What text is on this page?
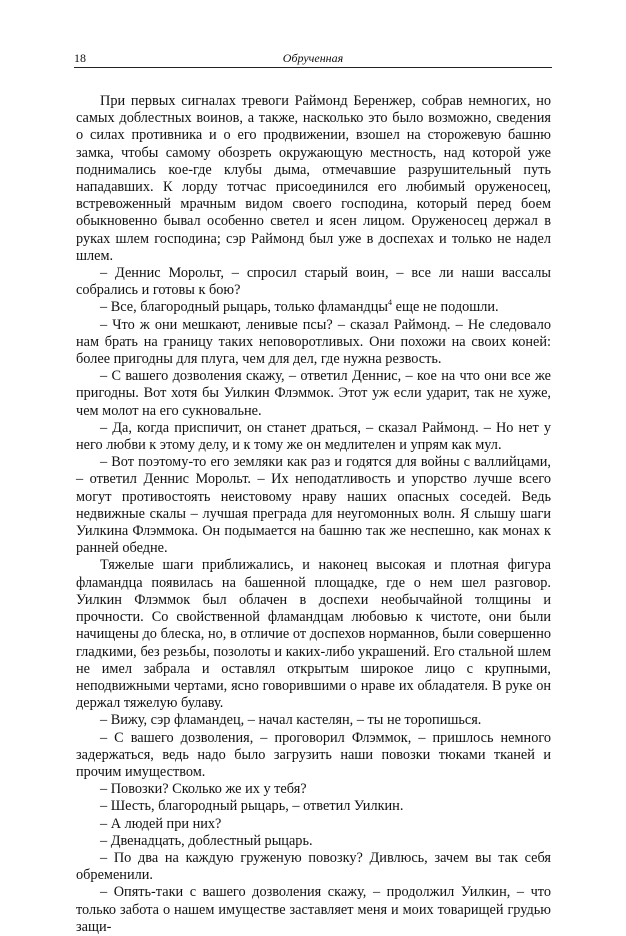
18	Обрученная

При первых сигналах тревоги Раймонд Беренжер, собрав немногих, но самых доблестных воинов, а также, насколько это было возможно, сведения о силах противника и о его продвижении, взошел на сторожевую башню замка, чтобы самому обозреть окружающую местность, над которой уже поднимались кое-где клубы дыма, отмечавшие разрушительный путь нападавших. К лорду тотчас присоединился его любимый оруженосец, встревоженный мрачным видом своего господина, который перед боем обыкновенно бывал особенно светел и ясен лицом. Оруженосец держал в руках шлем господина; сэр Раймонд был уже в доспехах и только не надел шлем.

– Деннис Морольт, – спросил старый воин, – все ли наши вассалы собрались и готовы к бою?

– Все, благородный рыцарь, только фламандцы$^4$ еще не подошли.

– Что ж они мешкают, ленивые псы? – сказал Раймонд. – Не следовало нам брать на границу таких неповоротливых. Они похожи на своих коней: более пригодны для плуга, чем для дел, где нужна резвость.

– С вашего дозволения скажу, – ответил Деннис, – кое на что они все же пригодны. Вот хотя бы Уилкин Флэммок. Этот уж если ударит, так не хуже, чем молот на его сукновальне.

– Да, когда приспичит, он станет драться, – сказал Раймонд. – Но нет у него любви к этому делу, и к тому же он медлителен и упрям как мул.

– Вот поэтому-то его земляки как раз и годятся для войны с валлийцами, – ответил Деннис Морольт. – Их неподатливость и упорство лучше всего могут противостоять неистовому нраву наших опасных соседей. Ведь недвижные скалы – лучшая преграда для неугомонных волн. Я слышу шаги Уилкина Флэммока. Он подымается на башню так же неспешно, как монах к ранней обедне.

Тяжелые шаги приближались, и наконец высокая и плотная фигура фламандца появилась на башенной площадке, где о нем шел разговор. Уилкин Флэммок был облачен в доспехи необычайной толщины и прочности. Со свойственной фламандцам любовью к чистоте, они были начищены до блеска, но, в отличие от доспехов норманнов, были совершенно гладкими, без резьбы, позолоты и каких-либо украшений. Его стальной шлем не имел забрала и оставлял открытым широкое лицо с крупными, неподвижными чертами, ясно говорившими о нраве их обладателя. В руке он держал тяжелую булаву.

– Вижу, сэр фламандец, – начал кастелян, – ты не торопишься.

– С вашего дозволения, – проговорил Флэммок, – пришлось немного задержаться, ведь надо было загрузить наши повозки тюками тканей и прочим имуществом.

– Повозки? Сколько же их у тебя?

– Шесть, благородный рыцарь, – ответил Уилкин.

– А людей при них?

– Двенадцать, доблестный рыцарь.

– По два на каждую груженую повозку? Дивлюсь, зачем вы так себя обременили.

– Опять-таки с вашего дозволения скажу, – продолжил Уилкин, – что только забота о нашем имуществе заставляет меня и моих товарищей грудью защи-
